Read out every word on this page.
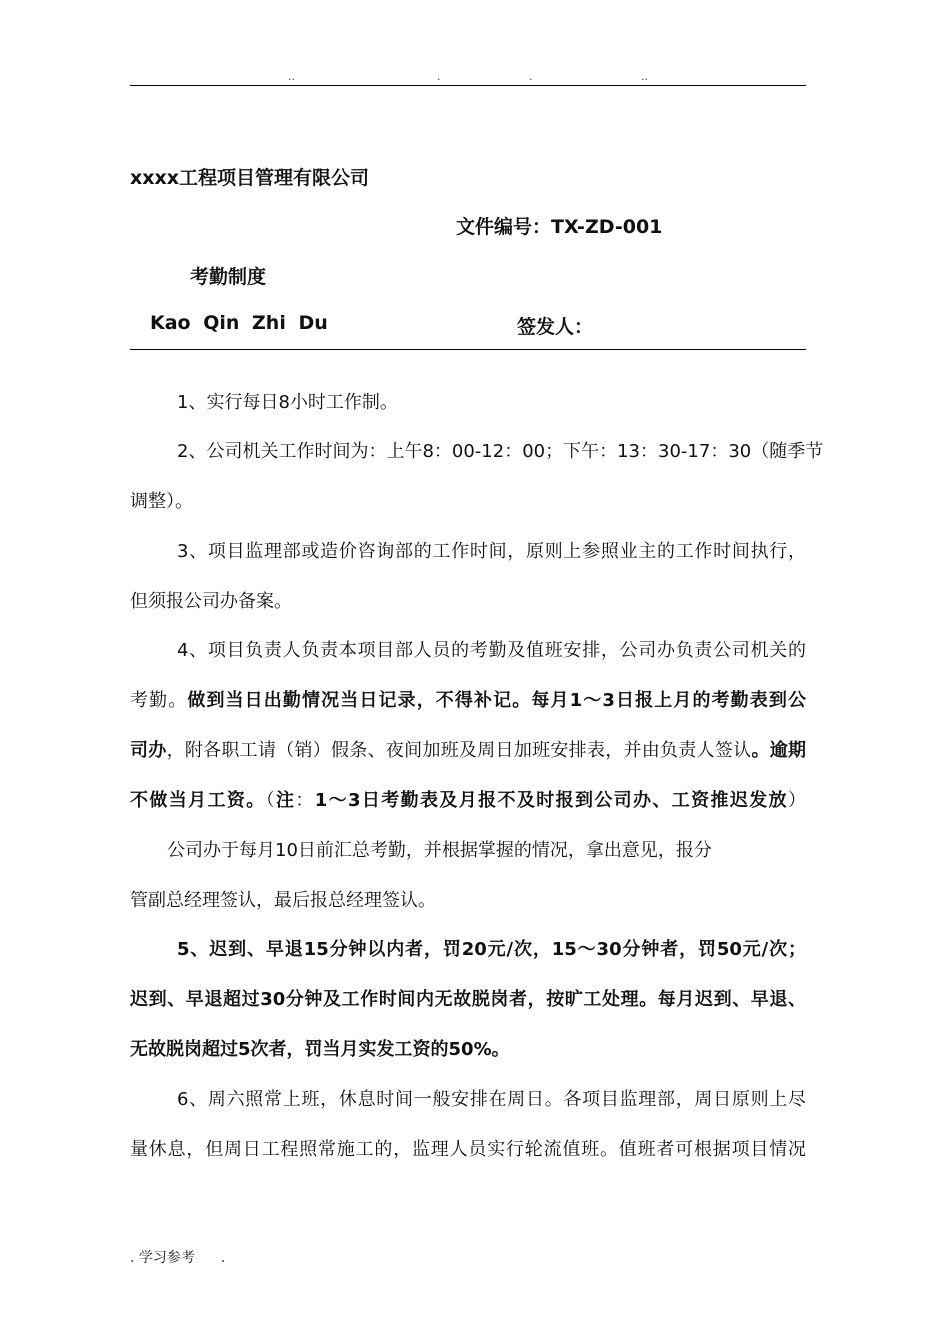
..	.	.	..
xxxx工程项目管理有限公司
文件编号：TX-ZD-001
考勤制度
Kao Qin Zhi Du	签发人：
1、实行每日8小时工作制。
2、公司机关工作时间为：上午8：00-12：00；下午：13：30-17：30（随季节
调整）。
3、项目监理部或造价咨询部的工作时间，原则上参照业主的工作时间执行，
但须报公司办备案。
4、项目负责人负责本项目部人员的考勤及值班安排，公司办负责公司机关的
考勤。做到当日出勤情况当日记录，不得补记。每月1～3日报上月的考勤表到公
司办，附各职工请（销）假条、夜间加班及周日加班安排表，并由负责人签认。逾期
不做当月工资。（注：1～3日考勤表及月报不及时报到公司办、工资推迟发放）
公司办于每月10日前汇总考勤，并根据掌握的情况，拿出意见，报分
管副总经理签认，最后报总经理签认。
5、迟到、早退15分钟以内者，罚20元/次，15～30分钟者，罚50元/次；
迟到、早退超过30分钟及工作时间内无故脱岗者，按旷工处理。每月迟到、早退、
无故脱岗超过5次者，罚当月实发工资的50%。
6、周六照常上班，休息时间一般安排在周日。各项目监理部，周日原则上尽
量休息，但周日工程照常施工的，监理人员实行轮流值班。值班者可根据项目情况
. 学习参考 .
